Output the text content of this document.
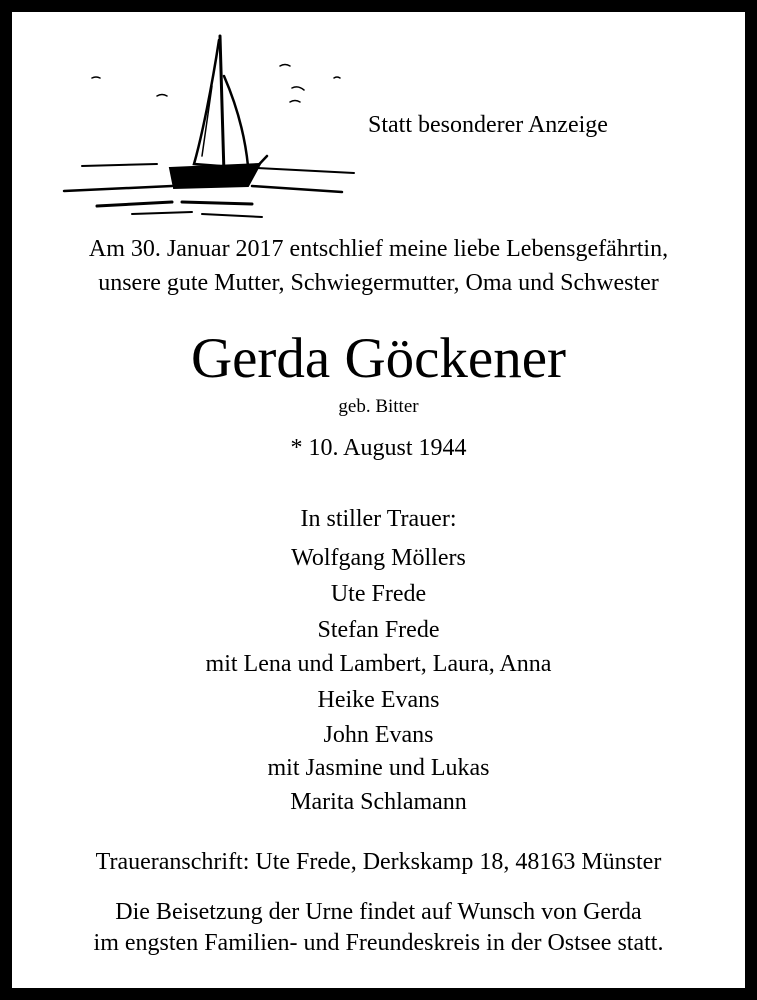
Statt besonderer Anzeige
Am 30. Januar 2017 entschlief meine liebe Lebensgefährtin,
unsere gute Mutter, Schwiegermutter, Oma und Schwester
Gerda Göckener
geb. Bitter
* 10. August 1944
In stiller Trauer:
Wolfgang Möllers
Ute Frede
Stefan Frede
mit Lena und Lambert, Laura, Anna
Heike Evans
John Evans
mit Jasmine und Lukas
Marita Schlamann
Traueranschrift: Ute Frede, Derkskamp 18, 48163 Münster
Die Beisetzung der Urne findet auf Wunsch von Gerda
im engsten Familien- und Freundeskreis in der Ostsee statt.
